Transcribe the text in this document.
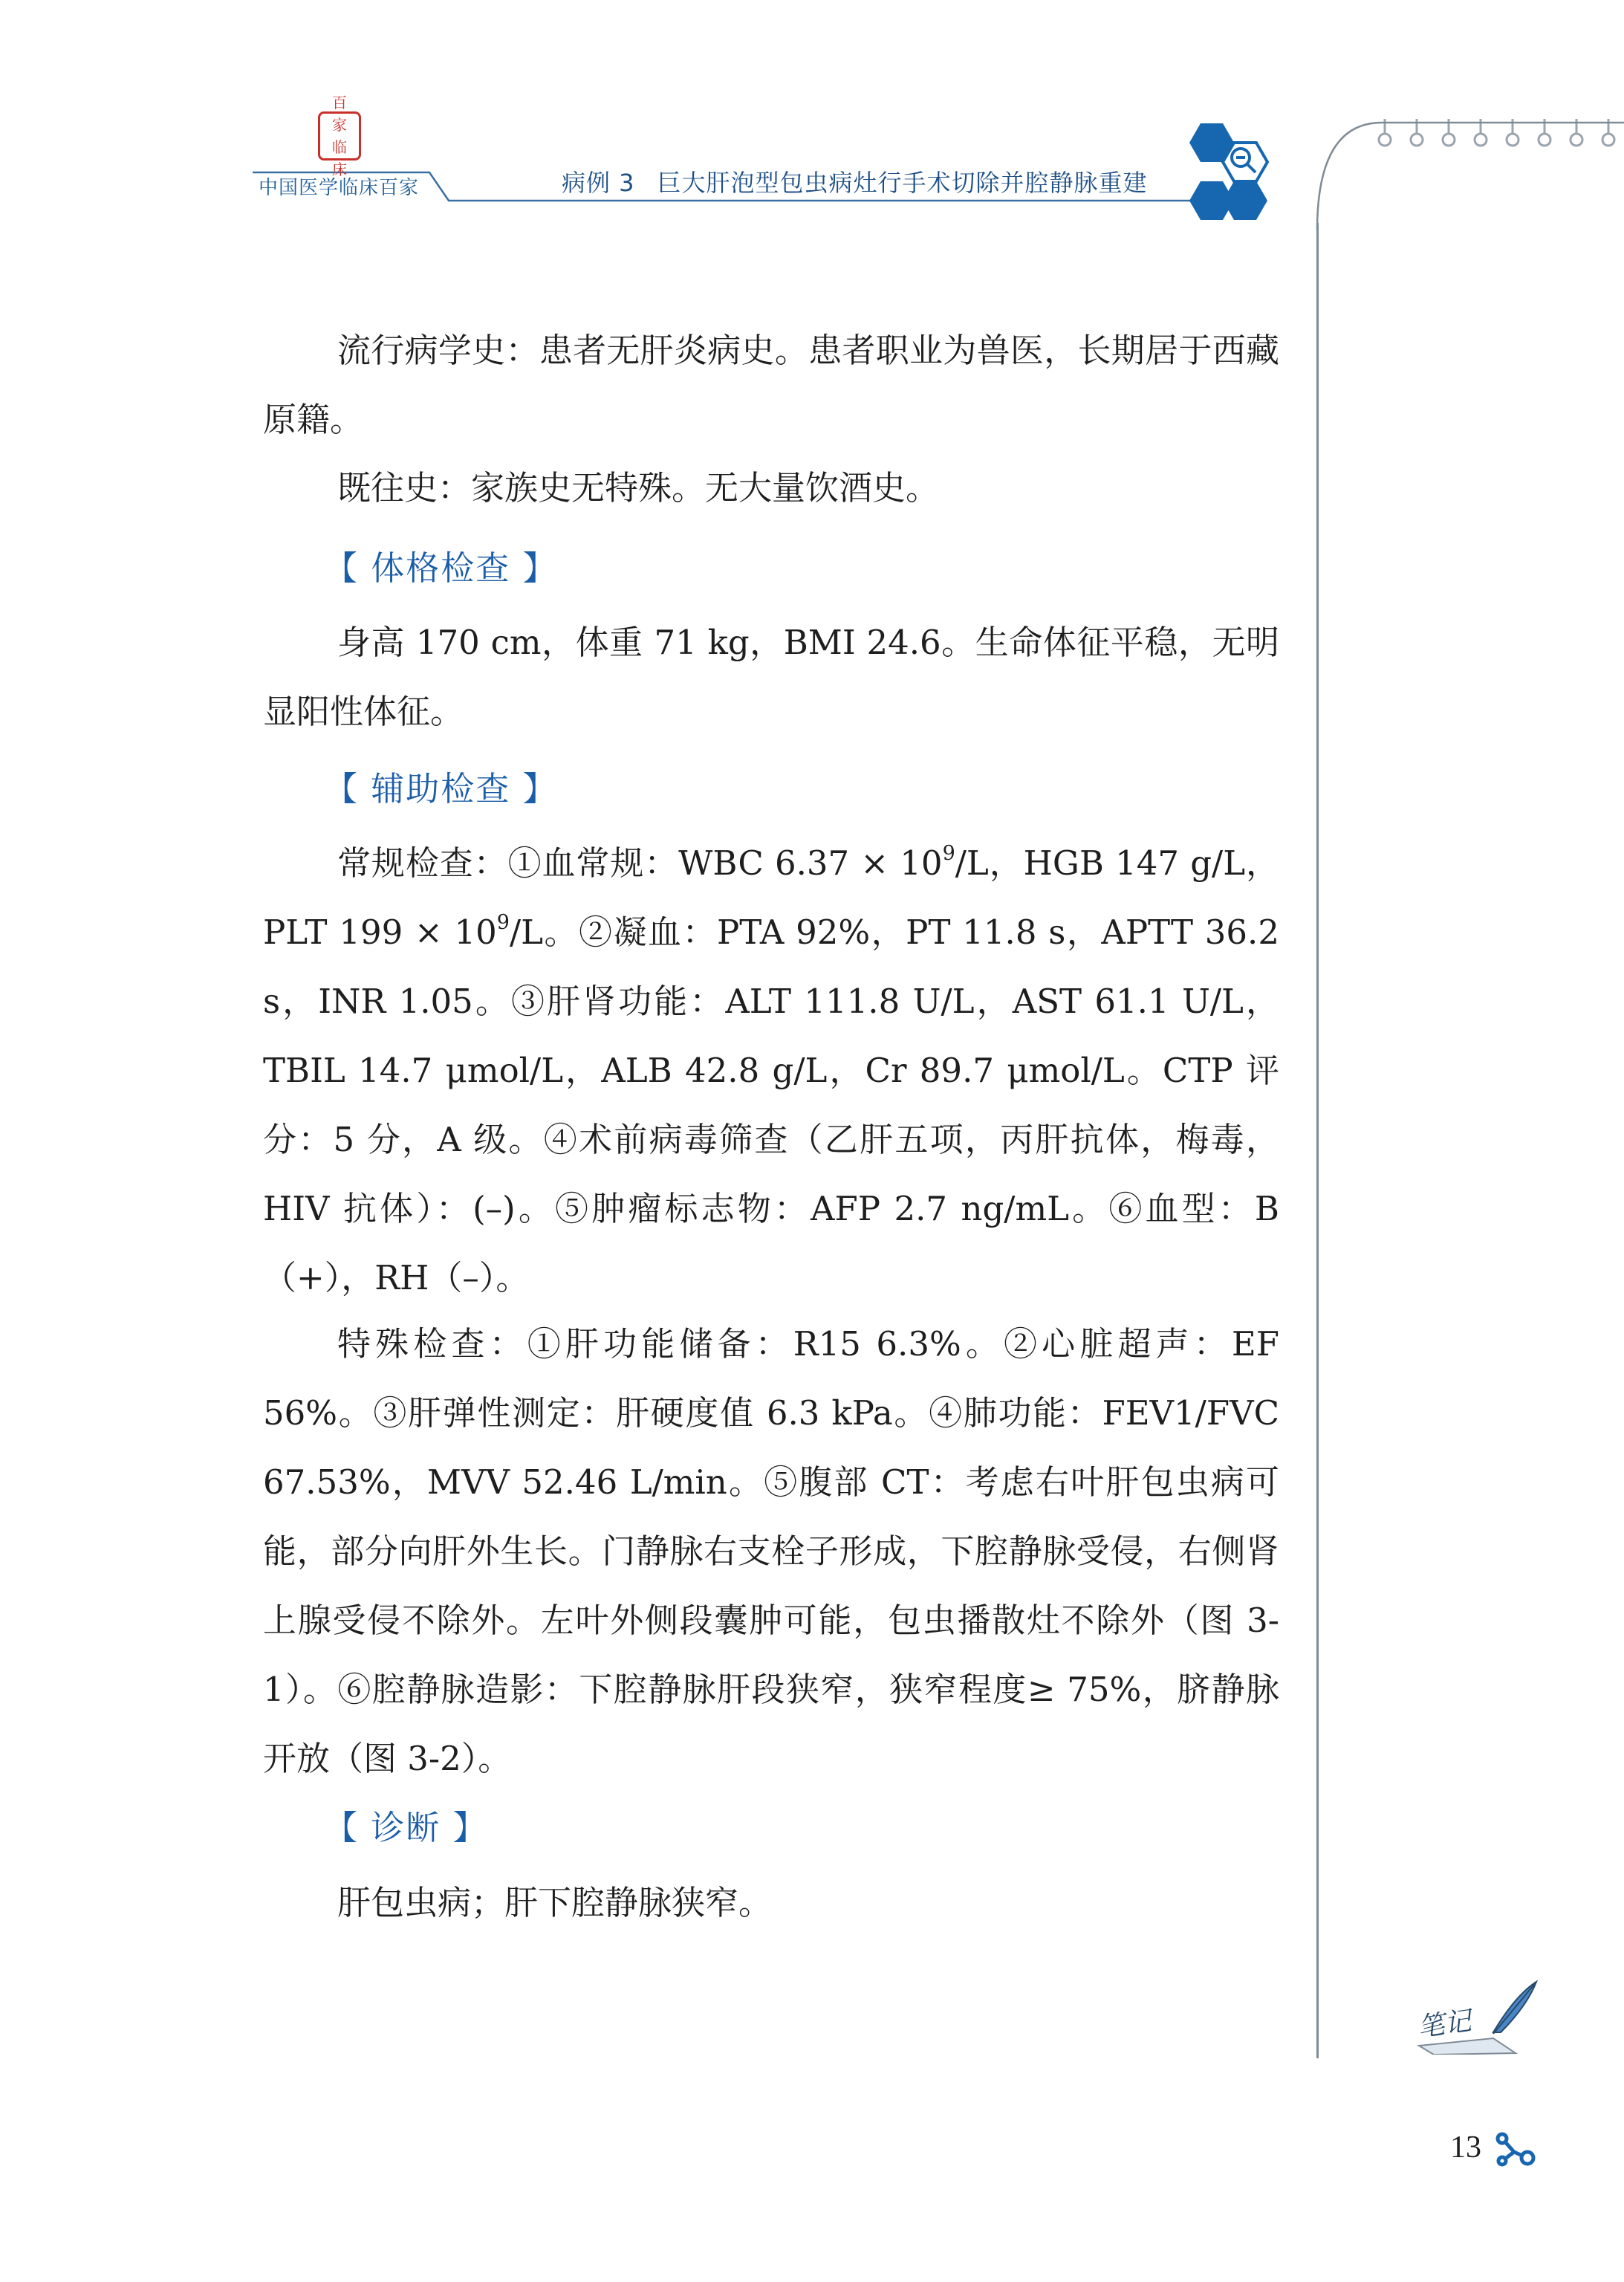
百
家
临
床
中国医学临床百家	病例 3 巨大肝泡型包虫病灶行手术切除并腔静脉重建

流行病学史：患者无肝炎病史。患者职业为兽医，长期居于西藏原籍。

既往史：家族史无特殊。无大量饮酒史。

【 体格检查 】

身高 170 cm，体重 71 kg，BMI 24.6。生命体征平稳，无明显阳性体征。

【 辅助检查 】

常规检查：①血常规：WBC $6.37 \times 10^9/L$，HGB 147 g/L，PLT $199 \times 10^9/L$。②凝血：PTA 92%，PT 11.8 s，APTT 36.2 s，INR 1.05。③肝肾功能：ALT 111.8 U/L，AST 61.1 U/L，TBIL 14.7 μmol/L，ALB 42.8 g/L，Cr 89.7 μmol/L。CTP 评分：5 分，A 级。④术前病毒筛查（乙肝五项，丙肝抗体，梅毒，HIV 抗体）：(–)。⑤肿瘤标志物：AFP 2.7 ng/mL。⑥血型：B（+），RH（–）。

特殊检查：①肝功能储备：R15 6.3%。②心脏超声：EF 56%。③肝弹性测定：肝硬度值 6.3 kPa。④肺功能：FEV1/FVC 67.53%，MVV 52.46 L/min。⑤腹部 CT：考虑右叶肝包虫病可能，部分向肝外生长。门静脉右支栓子形成，下腔静脉受侵，右侧肾上腺受侵不除外。左叶外侧段囊肿可能，包虫播散灶不除外（图 3-1）。⑥腔静脉造影：下腔静脉肝段狭窄，狭窄程度≥ 75%，脐静脉开放（图 3-2）。

【 诊断 】

肝包虫病；肝下腔静脉狭窄。

笔记
13
